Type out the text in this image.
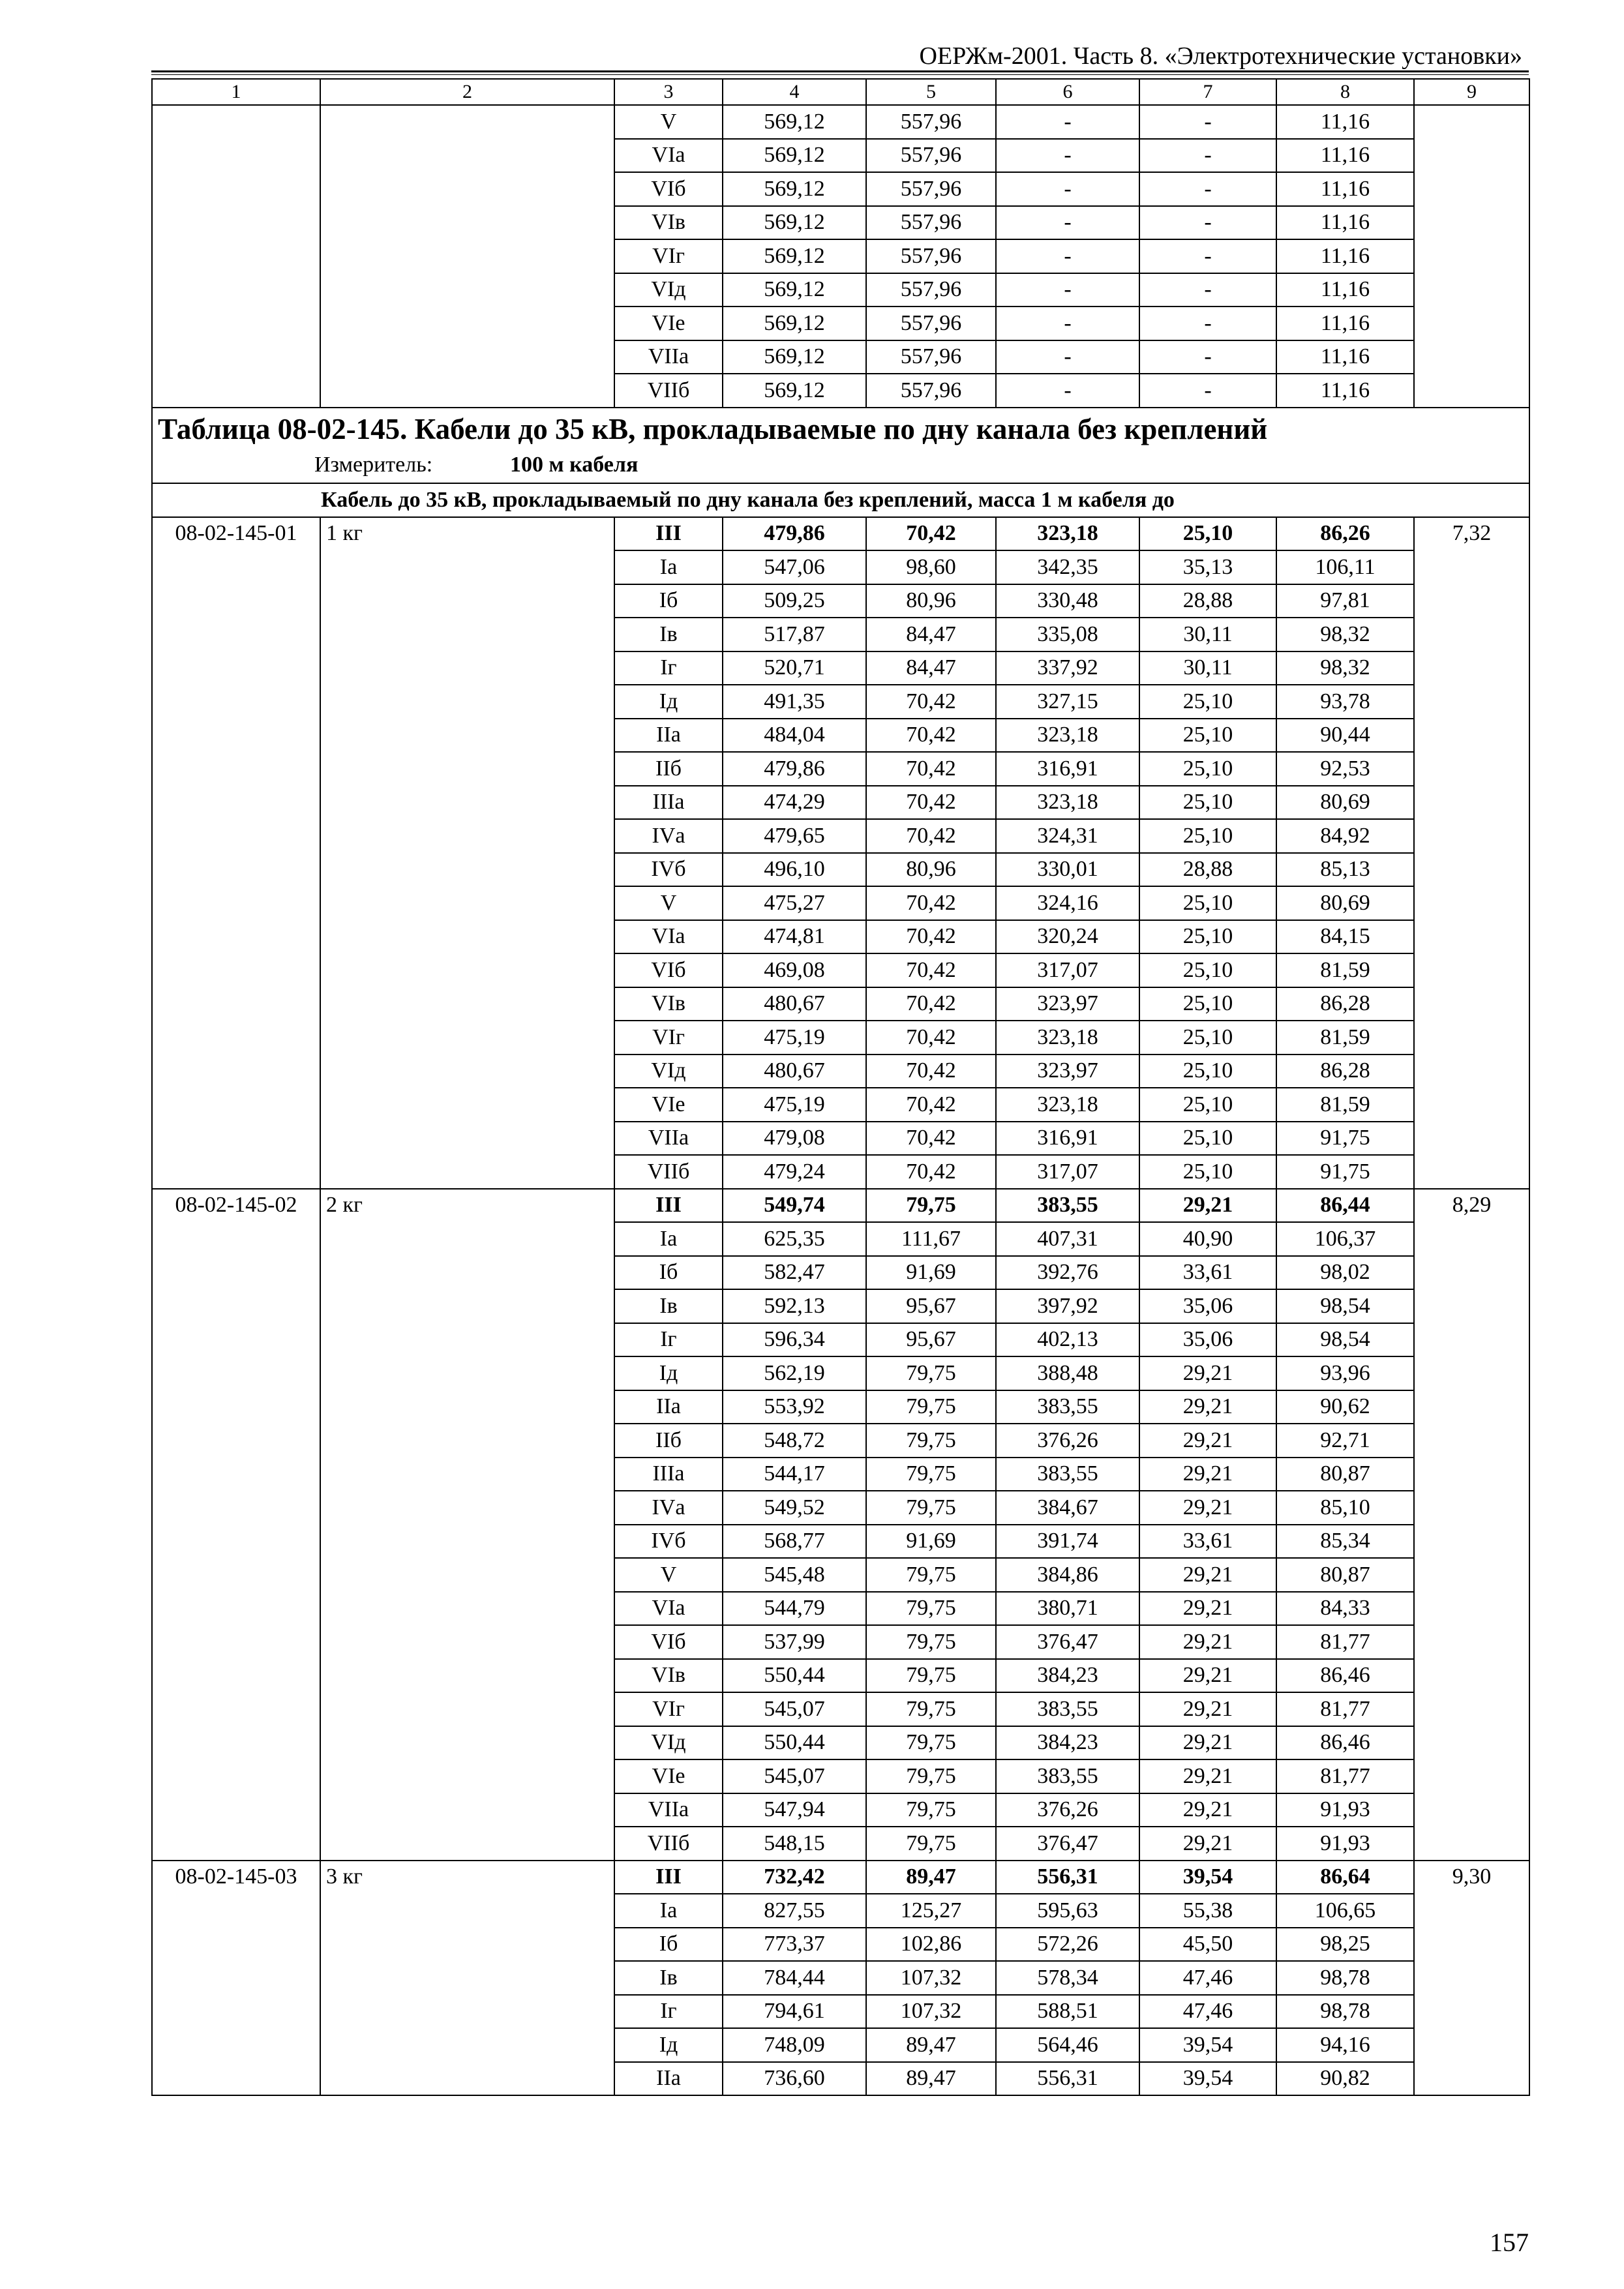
ОЕРЖм-2001. Часть 8. «Электротехнические установки»
1	2	3	4	5	6	7	8	9
		V	569,12	557,96	-	-	11,16	
		VIа	569,12	557,96	-	-	11,16	
		VIб	569,12	557,96	-	-	11,16	
		VIв	569,12	557,96	-	-	11,16	
		VIг	569,12	557,96	-	-	11,16	
		VIд	569,12	557,96	-	-	11,16	
		VIе	569,12	557,96	-	-	11,16	
		VIIа	569,12	557,96	-	-	11,16	
		VIIб	569,12	557,96	-	-	11,16	

Таблица 08-02-145. Кабели до 35 кВ, прокладываемые по дну канала без креплений
Измеритель: 100 м кабеля								

Кабель до 35 кВ, прокладываемый по дну канала без креплений, масса 1 м кабеля до								
08-02-145-01	1 кг	III	479,86	70,42	323,18	25,10	86,26	7,32
		Iа	547,06	98,60	342,35	35,13	106,11	
		Iб	509,25	80,96	330,48	28,88	97,81	
		Iв	517,87	84,47	335,08	30,11	98,32	
		Iг	520,71	84,47	337,92	30,11	98,32	
		Iд	491,35	70,42	327,15	25,10	93,78	
		IIа	484,04	70,42	323,18	25,10	90,44	
		IIб	479,86	70,42	316,91	25,10	92,53	
		IIIа	474,29	70,42	323,18	25,10	80,69	
		IVа	479,65	70,42	324,31	25,10	84,92	
		IVб	496,10	80,96	330,01	28,88	85,13	
		V	475,27	70,42	324,16	25,10	80,69	
		VIа	474,81	70,42	320,24	25,10	84,15	
		VIб	469,08	70,42	317,07	25,10	81,59	
		VIв	480,67	70,42	323,97	25,10	86,28	
		VIг	475,19	70,42	323,18	25,10	81,59	
		VIд	480,67	70,42	323,97	25,10	86,28	
		VIе	475,19	70,42	323,18	25,10	81,59	
		VIIа	479,08	70,42	316,91	25,10	91,75	
		VIIб	479,24	70,42	317,07	25,10	91,75	
08-02-145-02	2 кг	III	549,74	79,75	383,55	29,21	86,44	8,29
		Iа	625,35	111,67	407,31	40,90	106,37	
		Iб	582,47	91,69	392,76	33,61	98,02	
		Iв	592,13	95,67	397,92	35,06	98,54	
		Iг	596,34	95,67	402,13	35,06	98,54	
		Iд	562,19	79,75	388,48	29,21	93,96	
		IIа	553,92	79,75	383,55	29,21	90,62	
		IIб	548,72	79,75	376,26	29,21	92,71	
		IIIа	544,17	79,75	383,55	29,21	80,87	
		IVа	549,52	79,75	384,67	29,21	85,10	
		IVб	568,77	91,69	391,74	33,61	85,34	
		V	545,48	79,75	384,86	29,21	80,87	
		VIа	544,79	79,75	380,71	29,21	84,33	
		VIб	537,99	79,75	376,47	29,21	81,77	
		VIв	550,44	79,75	384,23	29,21	86,46	
		VIг	545,07	79,75	383,55	29,21	81,77	
		VIд	550,44	79,75	384,23	29,21	86,46	
		VIе	545,07	79,75	383,55	29,21	81,77	
		VIIа	547,94	79,75	376,26	29,21	91,93	
		VIIб	548,15	79,75	376,47	29,21	91,93	
08-02-145-03	3 кг	III	732,42	89,47	556,31	39,54	86,64	9,30
		Iа	827,55	125,27	595,63	55,38	106,65	
		Iб	773,37	102,86	572,26	45,50	98,25	
		Iв	784,44	107,32	578,34	47,46	98,78	
		Iг	794,61	107,32	588,51	47,46	98,78	
		Iд	748,09	89,47	564,46	39,54	94,16	
		IIа	736,60	89,47	556,31	39,54	90,82	
157
